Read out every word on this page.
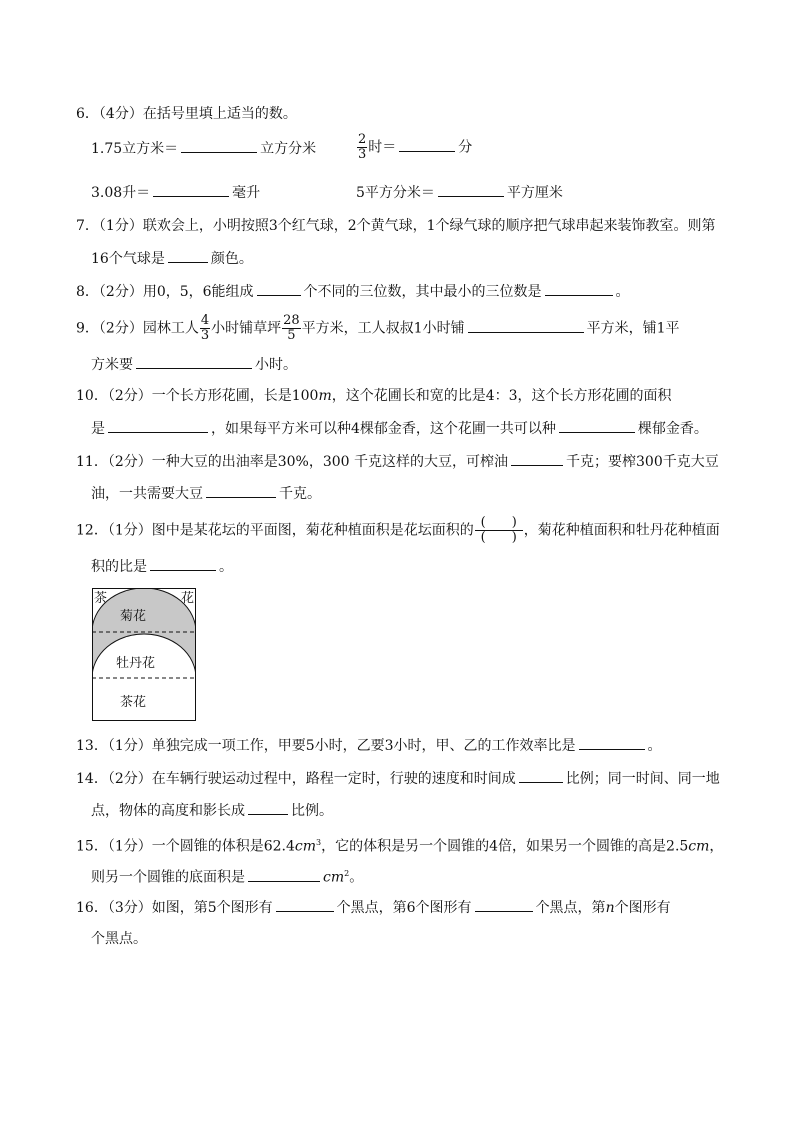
6．（4分）在括号里填上适当的数。
1.75立方米＝	立方分米	$\frac{2}{3}$ 时＝	分
3.08升＝	毫升	5平方分米＝	平方厘米
7．（1分）联欢会上，小明按照3个红气球，2个黄气球，1个绿气球的顺序把气球串起来装饰教室。则第
16个气球是	颜色。
8．（2分）用0，5，6能组成	个不同的三位数，其中最小的三位数是	。
9．（2分）园林工人 $\frac{4}{3}$ 小时铺草坪 $\frac{28}{5}$ 平方米，工人叔叔1小时铺	平方米，铺1平
方米要	小时。
10．（2分）一个长方形花圃，长是100m，这个花圃长和宽的比是4：3，这个长方形花圃的面积
是	，如果每平方米可以种4棵郁金香，这个花圃一共可以种	棵郁金香。
11．（2分）一种大豆的出油率是30%，300 千克这样的大豆，可榨油	千克；要榨300千克大豆
油，一共需要大豆	千克。
12．（1分）图中是某花坛的平面图，菊花种植面积是花坛面积的 $\frac{( )}{( )}$ ，菊花种植面积和牡丹花种植面
积的比是	。
茶	花
菊花
牡丹花
茶花
13．（1分）单独完成一项工作，甲要5小时，乙要3小时，甲、乙的工作效率比是	。
14．（2分）在车辆行驶运动过程中，路程一定时，行驶的速度和时间成	比例；同一时间、同一地
点，物体的高度和影长成	比例。
15．（1分）一个圆锥的体积是$62.4cm^3$，它的体积是另一个圆锥的4倍，如果另一个圆锥的高是2.5cm，
则另一个圆锥的底面积是	$cm^2$。
16．（3分）如图，第5个图形有	个黑点，第6个图形有	个黑点，第n个图形有
个黑点。
